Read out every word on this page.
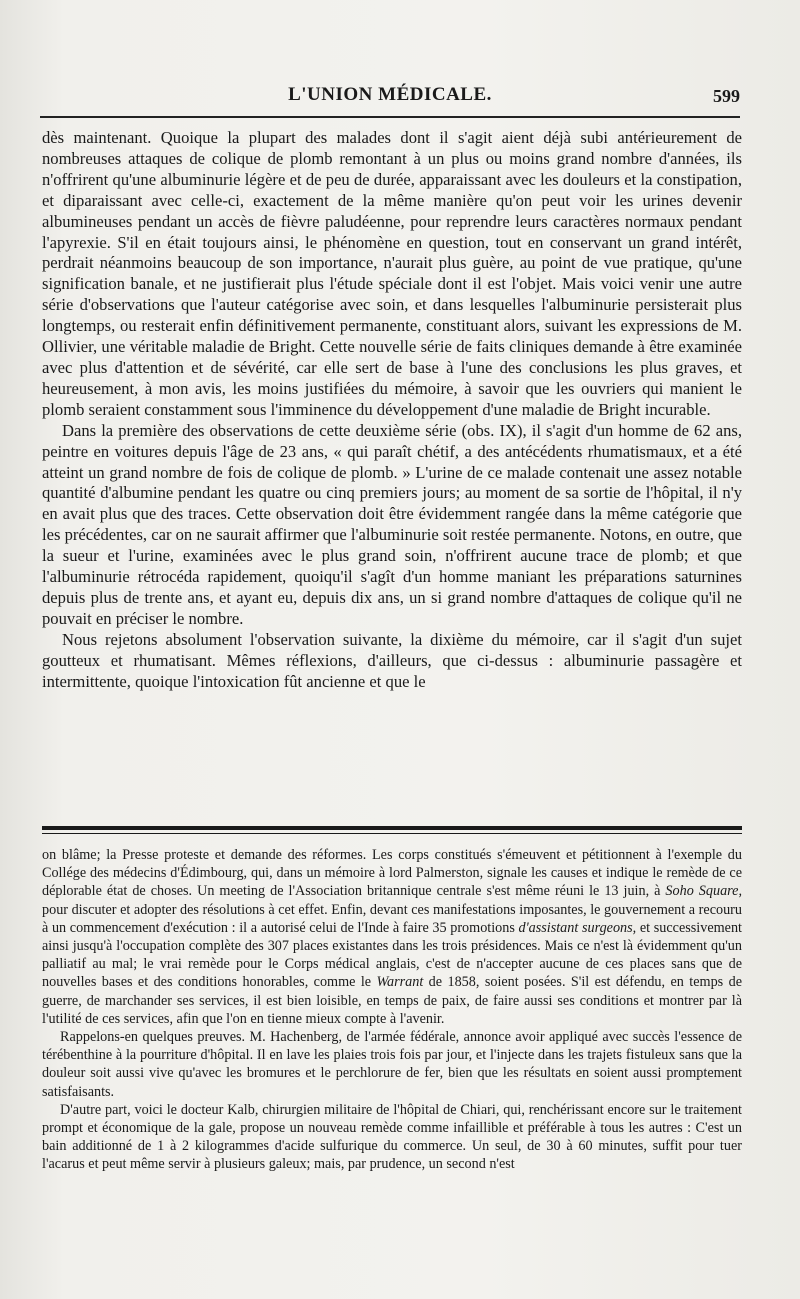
L'UNION MÉDICALE.	599

dès maintenant. Quoique la plupart des malades dont il s'agit aient déjà subi antérieurement de nombreuses attaques de colique de plomb remontant à un plus ou moins grand nombre d'années, ils n'offrirent qu'une albuminurie légère et de peu de durée, apparaissant avec les douleurs et la constipation, et diparaissant avec celle-ci, exactement de la même manière qu'on peut voir les urines devenir albumineuses pendant un accès de fièvre paludéenne, pour reprendre leurs caractères normaux pendant l'apyrexie. S'il en était toujours ainsi, le phénomène en question, tout en conservant un grand intérêt, perdrait néanmoins beaucoup de son importance, n'aurait plus guère, au point de vue pratique, qu'une signification banale, et ne justifierait plus l'étude spéciale dont il est l'objet. Mais voici venir une autre série d'observations que l'auteur catégorise avec soin, et dans lesquelles l'albuminurie persisterait plus longtemps, ou resterait enfin définitivement permanente, constituant alors, suivant les expressions de M. Ollivier, une véritable maladie de Bright. Cette nouvelle série de faits cliniques demande à être examinée avec plus d'attention et de sévérité, car elle sert de base à l'une des conclusions les plus graves, et heureusement, à mon avis, les moins justifiées du mémoire, à savoir que les ouvriers qui manient le plomb seraient constamment sous l'imminence du développement d'une maladie de Bright incurable.

Dans la première des observations de cette deuxième série (obs. IX), il s'agit d'un homme de 62 ans, peintre en voitures depuis l'âge de 23 ans, « qui paraît chétif, a des antécédents rhumatismaux, et a été atteint un grand nombre de fois de colique de plomb. » L'urine de ce malade contenait une assez notable quantité d'albumine pendant les quatre ou cinq premiers jours; au moment de sa sortie de l'hôpital, il n'y en avait plus que des traces. Cette observation doit être évidemment rangée dans la même catégorie que les précédentes, car on ne saurait affirmer que l'albuminurie soit restée permanente. Notons, en outre, que la sueur et l'urine, examinées avec le plus grand soin, n'offrirent aucune trace de plomb; et que l'albuminurie rétrocéda rapidement, quoiqu'il s'agît d'un homme maniant les préparations saturnines depuis plus de trente ans, et ayant eu, depuis dix ans, un si grand nombre d'attaques de colique qu'il ne pouvait en préciser le nombre.

Nous rejetons absolument l'observation suivante, la dixième du mémoire, car il s'agit d'un sujet goutteux et rhumatisant. Mêmes réflexions, d'ailleurs, que ci-dessus : albuminurie passagère et intermittente, quoique l'intoxication fût ancienne et que le

on blâme; la Presse proteste et demande des réformes. Les corps constitués s'émeuvent et pétitionnent à l'exemple du Collége des médecins d'Édimbourg, qui, dans un mémoire à lord Palmerston, signale les causes et indique le remède de ce déplorable état de choses. Un meeting de l'Association britannique centrale s'est même réuni le 13 juin, à Soho Square, pour discuter et adopter des résolutions à cet effet. Enfin, devant ces manifestations imposantes, le gouvernement a recouru à un commencement d'exécution : il a autorisé celui de l'Inde à faire 35 promotions d'assistant surgeons, et successivement ainsi jusqu'à l'occupation complète des 307 places existantes dans les trois présidences. Mais ce n'est là évidemment qu'un palliatif au mal; le vrai remède pour le Corps médical anglais, c'est de n'accepter aucune de ces places sans que de nouvelles bases et des conditions honorables, comme le Warrant de 1858, soient posées. S'il est défendu, en temps de guerre, de marchander ses services, il est bien loisible, en temps de paix, de faire aussi ses conditions et montrer par là l'utilité de ces services, afin que l'on en tienne mieux compte à l'avenir.

Rappelons-en quelques preuves. M. Hachenberg, de l'armée fédérale, annonce avoir appliqué avec succès l'essence de térébenthine à la pourriture d'hôpital. Il en lave les plaies trois fois par jour, et l'injecte dans les trajets fistuleux sans que la douleur soit aussi vive qu'avec les bromures et le perchlorure de fer, bien que les résultats en soient aussi promptement satisfaisants.

D'autre part, voici le docteur Kalb, chirurgien militaire de l'hôpital de Chiari, qui, renchérissant encore sur le traitement prompt et économique de la gale, propose un nouveau remède comme infaillible et préférable à tous les autres : C'est un bain additionné de 1 à 2 kilogrammes d'acide sulfurique du commerce. Un seul, de 30 à 60 minutes, suffit pour tuer l'acarus et peut même servir à plusieurs galeux; mais, par prudence, un second n'est
